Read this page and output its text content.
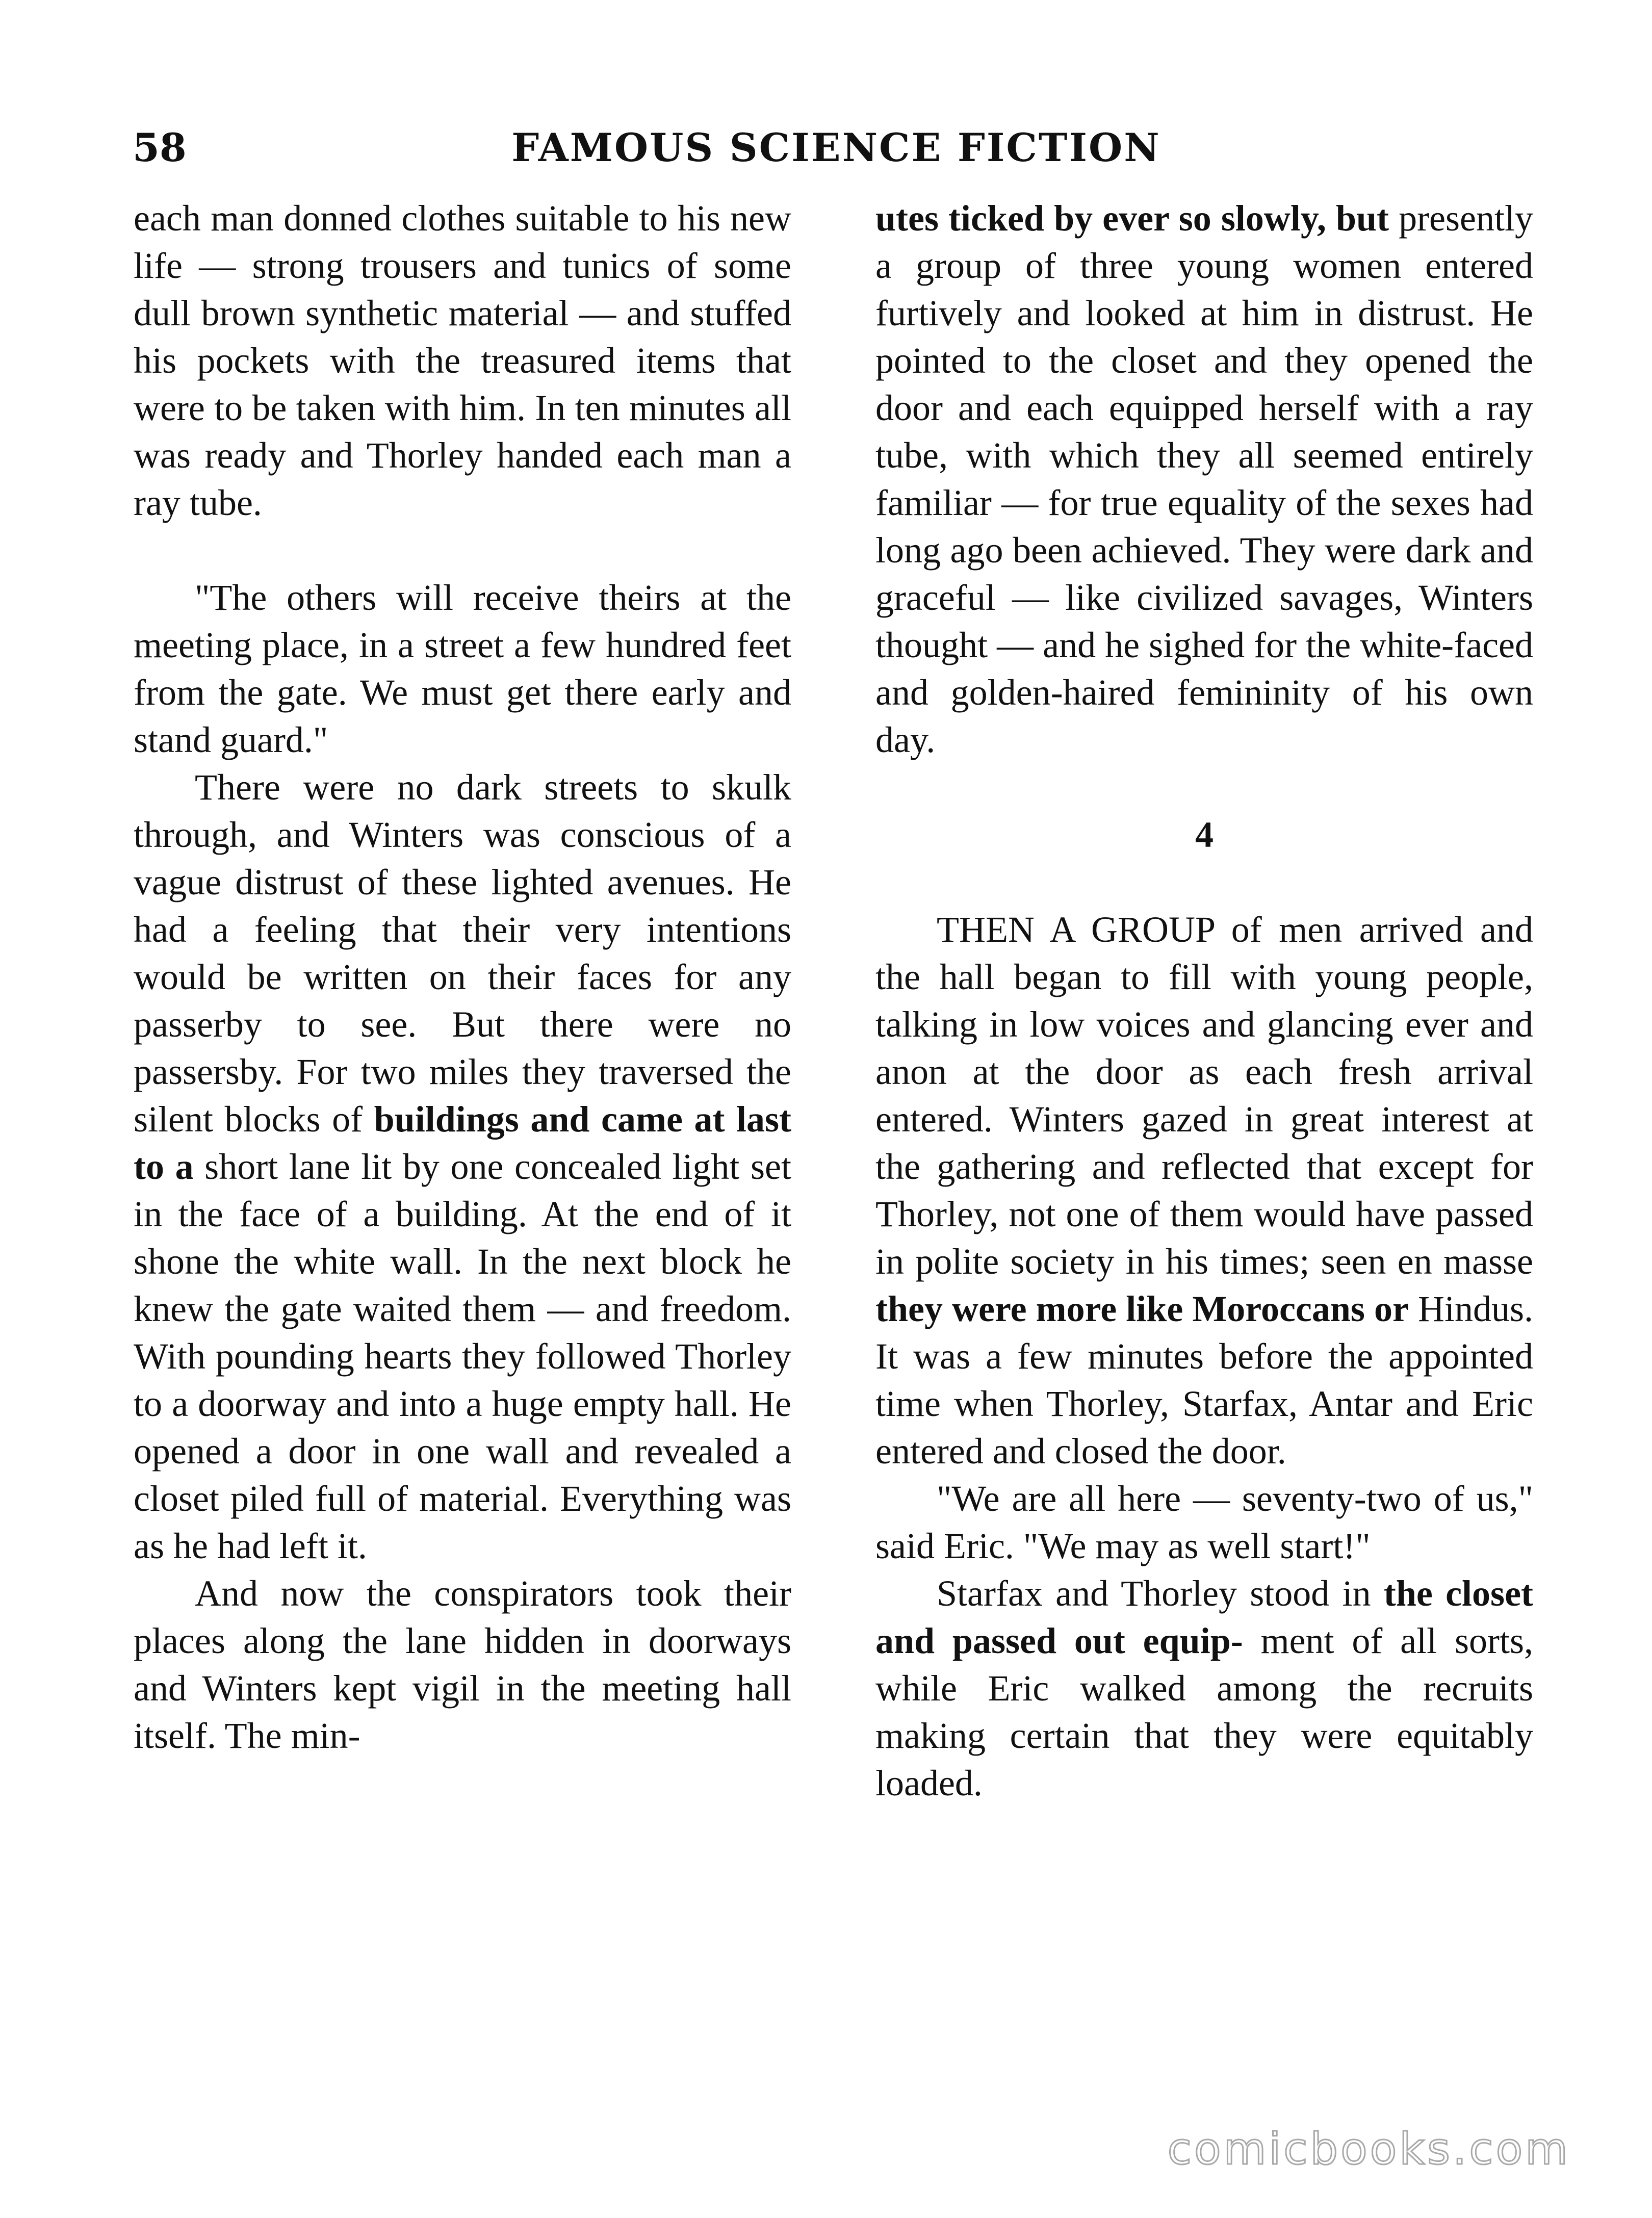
58	FAMOUS SCIENCE FICTION

each man donned clothes suitable to his new life — strong trousers and tunics of some dull brown synthetic material — and stuffed his pockets with the treasured items that were to be taken with him. In ten minutes all was ready and Thorley handed each man a ray tube.

"The others will receive theirs at the meeting place, in a street a few hundred feet from the gate. We must get there early and stand guard."

There were no dark streets to skulk through, and Winters was conscious of a vague distrust of these lighted avenues. He had a feeling that their very intentions would be written on their faces for any passerby to see. But there were no passersby. For two miles they traversed the silent blocks of buildings and came at last to a short lane lit by one concealed light set in the face of a building. At the end of it shone the white wall. In the next block he knew the gate waited them — and freedom. With pounding hearts they followed Thorley to a doorway and into a huge empty hall. He opened a door in one wall and revealed a closet piled full of material. Everything was as he had left it.

And now the conspirators took their places along the lane hidden in doorways and Winters kept vigil in the meeting hall itself. The min-

utes ticked by ever so slowly, but presently a group of three young women entered furtively and looked at him in distrust. He pointed to the closet and they opened the door and each equipped herself with a ray tube, with which they all seemed entirely familiar — for true equality of the sexes had long ago been achieved. They were dark and graceful — like civilized savages, Winters thought — and he sighed for the white-faced and golden-haired femininity of his own day.

4

THEN A GROUP of men arrived and the hall began to fill with young people, talking in low voices and glancing ever and anon at the door as each fresh arrival entered. Winters gazed in great interest at the gathering and reflected that except for Thorley, not one of them would have passed in polite society in his times; seen en masse they were more like Moroccans or Hindus. It was a few minutes before the appointed time when Thorley, Starfax, Antar and Eric entered and closed the door.

"We are all here — seventy-two of us," said Eric. "We may as well start!"

Starfax and Thorley stood in the closet and passed out equip- ment of all sorts, while Eric walked among the recruits making certain that they were equitably loaded.

comicbooks.com
